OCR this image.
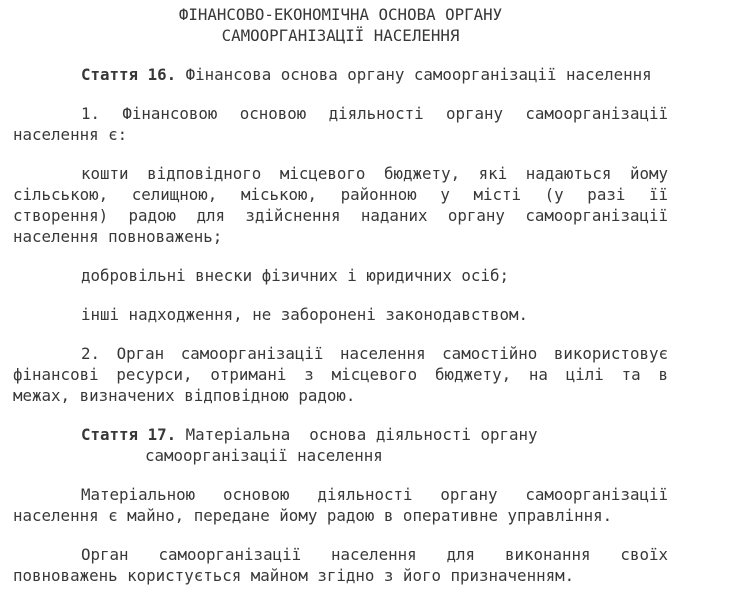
ФІНАНСОВО-ЕКОНОМІЧНА ОСНОВА ОРГАНУ
САМООРГАНІЗАЦІЇ НАСЕЛЕННЯ
Стаття 16. Фінансова основа органу самоорганізації населення
1. Фінансовою основою діяльності органу самоорганізації
населення є:
кошти відповідного місцевого бюджету, які надаються йому
сільською, селищною, міською, районною у місті (у разі її
створення) радою для здійснення наданих органу самоорганізації
населення повноважень;
добровільні внески фізичних і юридичних осіб;
інші надходження, не заборонені законодавством.
2. Орган самоорганізації населення самостійно використовує
фінансові ресурси, отримані з місцевого бюджету, на цілі та в
межах, визначених відповідною радою.
Стаття 17. Матеріальна  основа діяльності органу
самоорганізації населення
Матеріальною основою діяльності органу самоорганізації
населення є майно, передане йому радою в оперативне управління.
Орган самоорганізації населення для виконання своїх
повноважень користується майном згідно з його призначенням.
